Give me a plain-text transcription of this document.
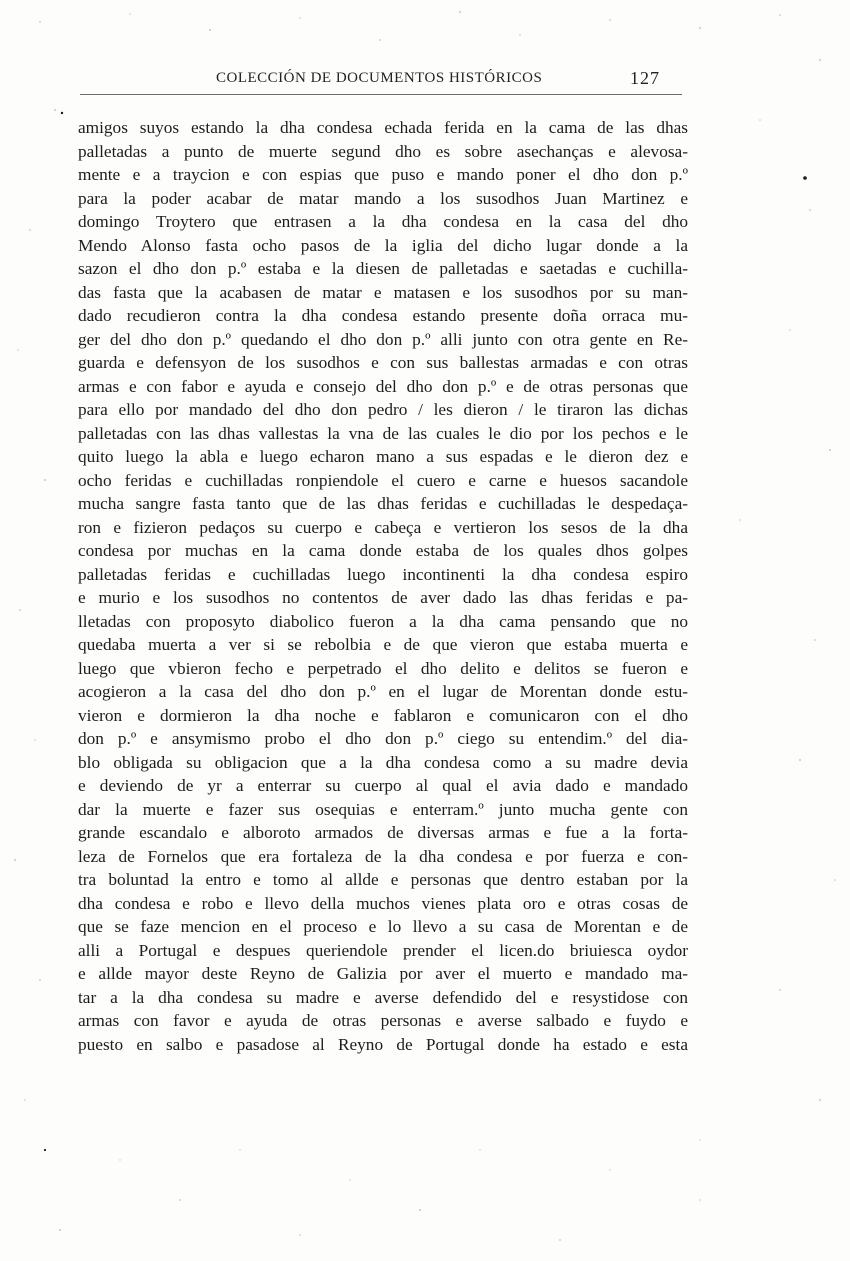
COLECCIÓN DE DOCUMENTOS HISTÓRICOS	127
amigos suyos estando la dha condesa echada ferida en la cama de las dhas
palletadas a punto de muerte segund dho es sobre asechanças e alevosa-
mente e a traycion e con espias que puso e mando poner el dho don p.º
para la poder acabar de matar mando a los susodhos Juan Martinez e
domingo Troytero que entrasen a la dha condesa en la casa del dho
Mendo Alonso fasta ocho pasos de la iglia del dicho lugar donde a la
sazon el dho don p.º estaba e la diesen de palletadas e saetadas e cuchilla-
das fasta que la acabasen de matar e matasen e los susodhos por su man-
dado recudieron contra la dha condesa estando presente doña orraca mu-
ger del dho don p.º quedando el dho don p.º alli junto con otra gente en Re-
guarda e defensyon de los susodhos e con sus ballestas armadas e con otras
armas e con fabor e ayuda e consejo del dho don p.º e de otras personas que
para ello por mandado del dho don pedro / les dieron / le tiraron las dichas
palletadas con las dhas vallestas la vna de las cuales le dio por los pechos e le
quito luego la abla e luego echaron mano a sus espadas e le dieron dez e
ocho feridas e cuchilladas ronpiendole el cuero e carne e huesos sacandole
mucha sangre fasta tanto que de las dhas feridas e cuchilladas le despedaça-
ron e fizieron pedaços su cuerpo e cabeça e vertieron los sesos de la dha
condesa por muchas en la cama donde estaba de los quales dhos golpes
palletadas feridas e cuchilladas luego incontinenti la dha condesa espiro
e murio e los susodhos no contentos de aver dado las dhas feridas e pa-
lletadas con proposyto diabolico fueron a la dha cama pensando que no
quedaba muerta a ver si se rebolbia e de que vieron que estaba muerta e
luego que vbieron fecho e perpetrado el dho delito e delitos se fueron e
acogieron a la casa del dho don p.º en el lugar de Morentan donde estu-
vieron e dormieron la dha noche e fablaron e comunicaron con el dho
don p.º e ansymismo probo el dho don p.º ciego su entendim.º del dia-
blo obligada su obligacion que a la dha condesa como a su madre devia
e deviendo de yr a enterrar su cuerpo al qual el avia dado e mandado
dar la muerte e fazer sus osequias e enterram.º junto mucha gente con
grande escandalo e alboroto armados de diversas armas e fue a la forta-
leza de Fornelos que era fortaleza de la dha condesa e por fuerza e con-
tra boluntad la entro e tomo al allde e personas que dentro estaban por la
dha condesa e robo e llevo della muchos vienes plata oro e otras cosas de
que se faze mencion en el proceso e lo llevo a su casa de Morentan e de
alli a Portugal e despues queriendole prender el licen.do briuiesca oydor
e allde mayor deste Reyno de Galizia por aver el muerto e mandado ma-
tar a la dha condesa su madre e averse defendido del e resystidose con
armas con favor e ayuda de otras personas e averse salbado e fuydo e
puesto en salbo e pasadose al Reyno de Portugal donde ha estado e esta
